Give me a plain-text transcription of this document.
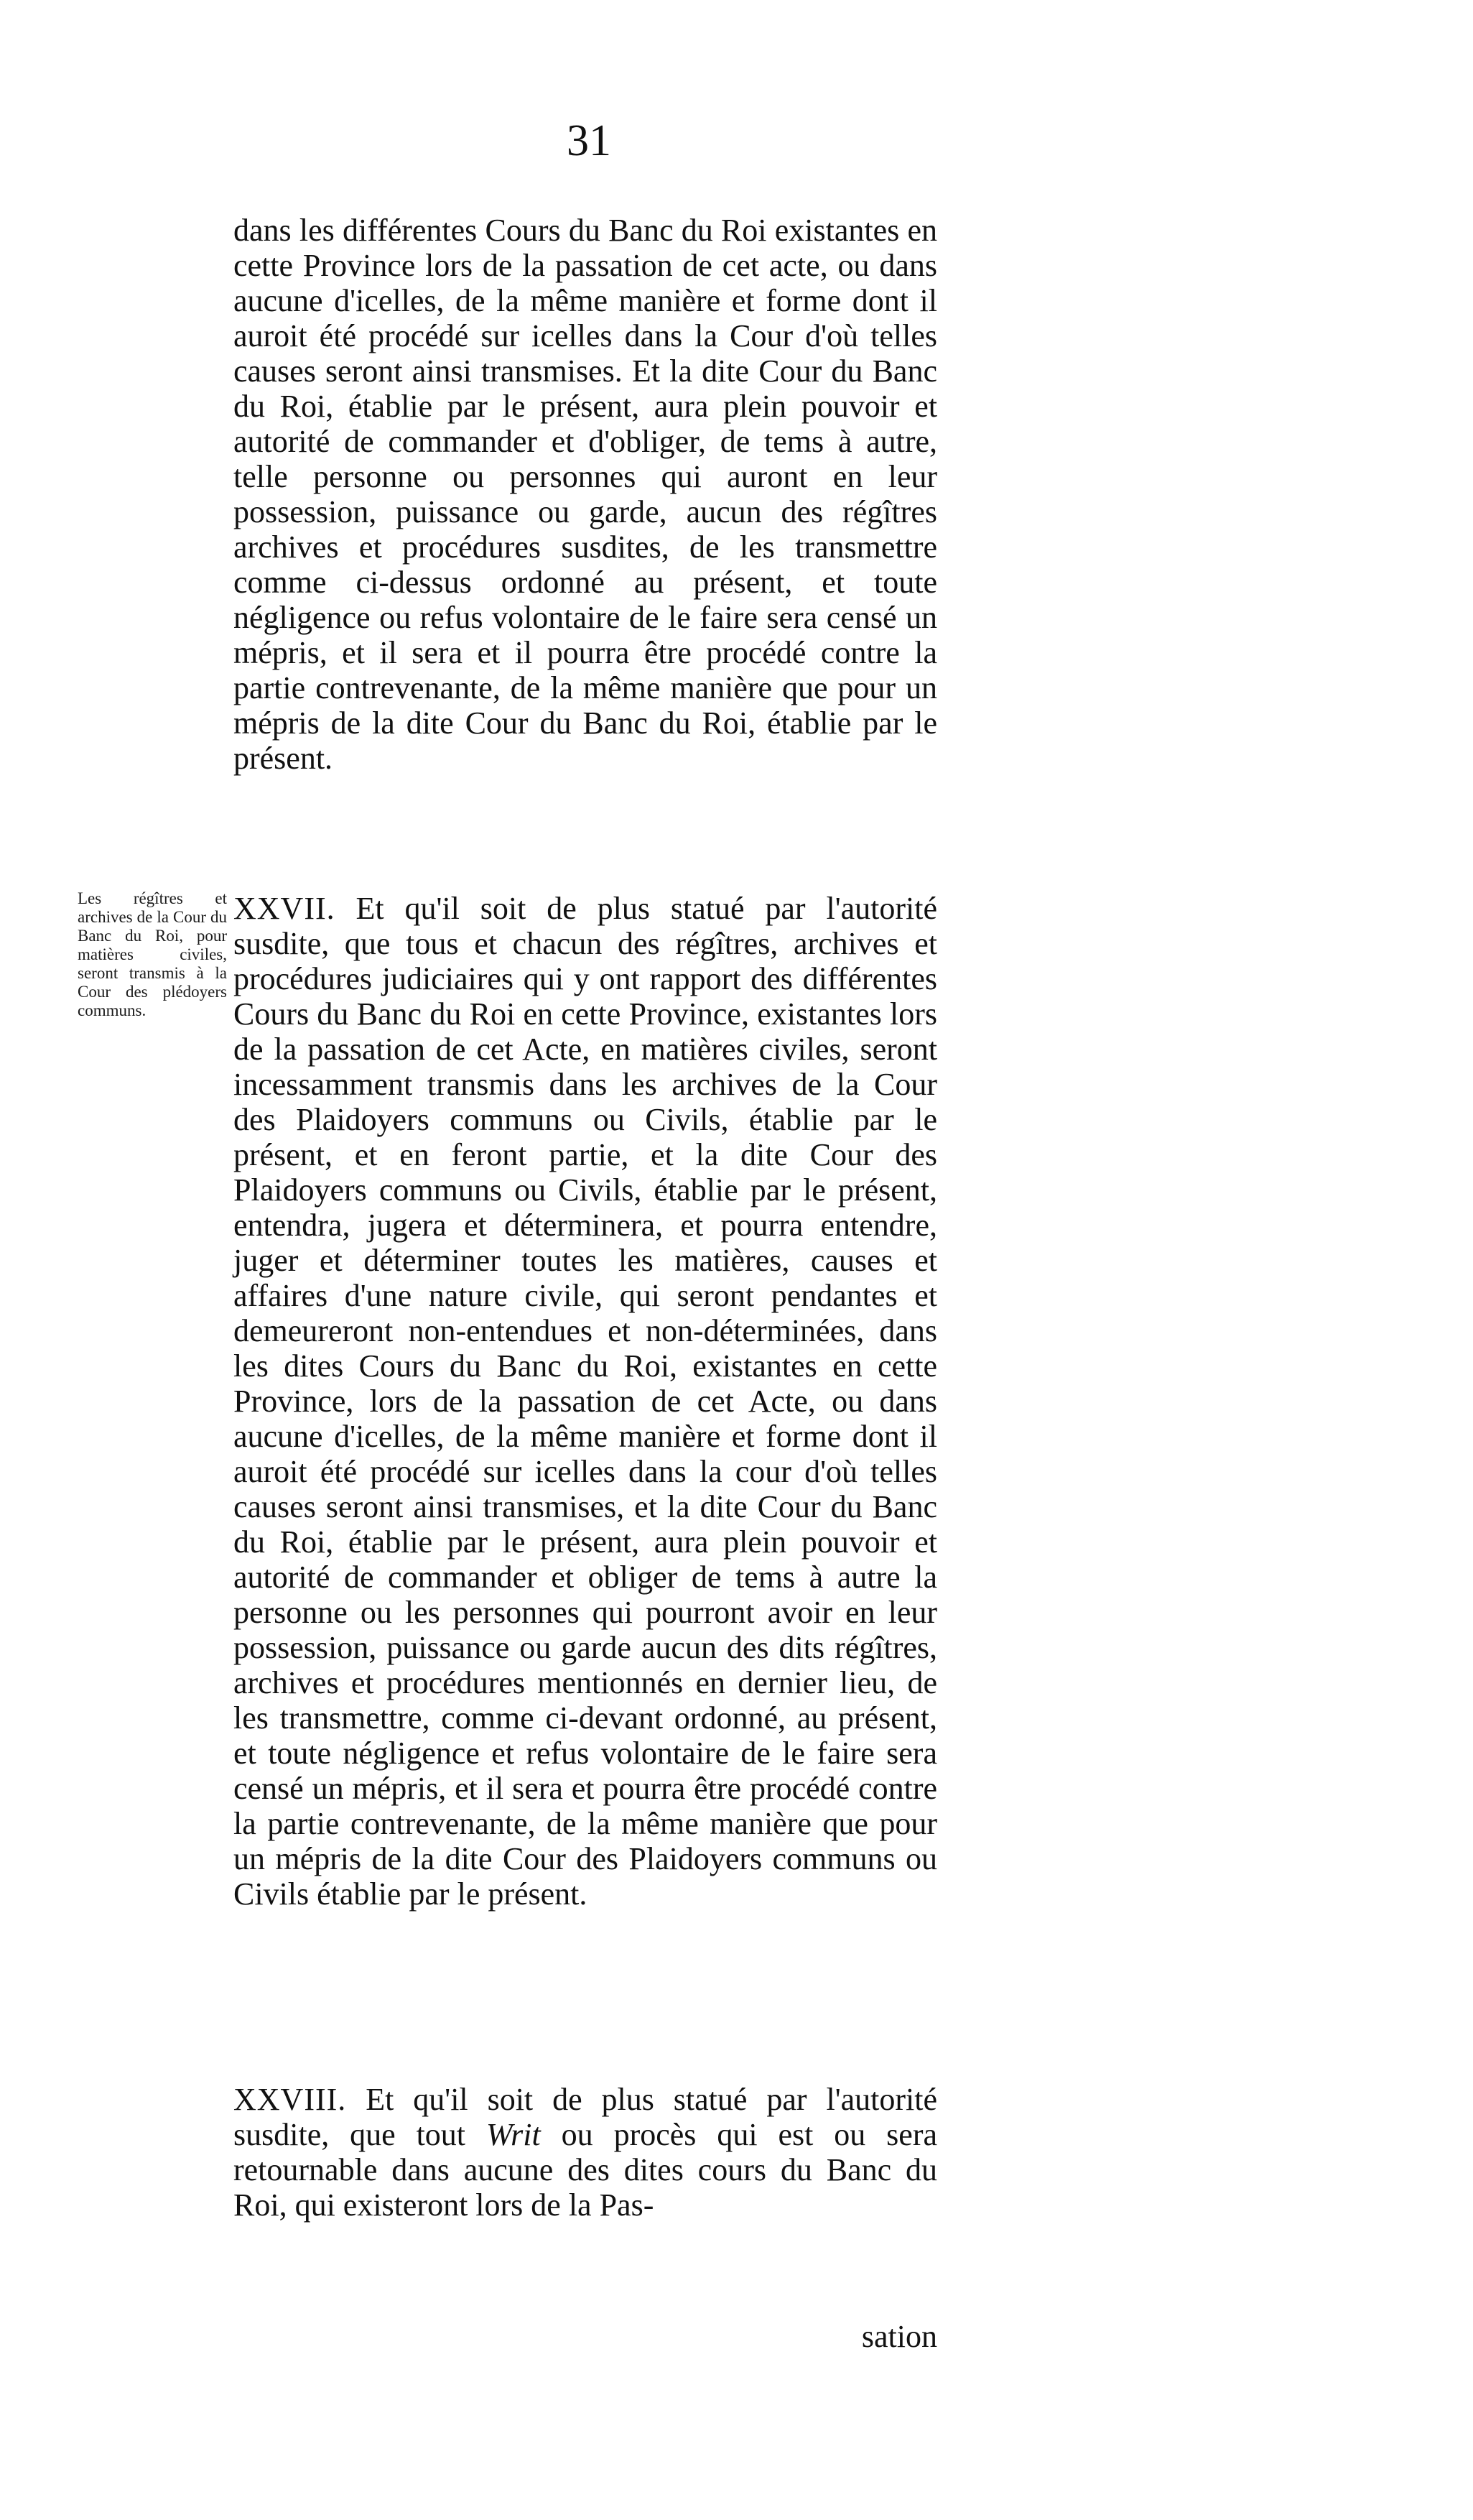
31

dans les différentes Cours du Banc du Roi existantes en cette Province lors de la passation de cet acte, ou dans aucune d'icelles, de la même manière et forme dont il auroit été procédé sur icelles dans la Cour d'où telles causes seront ainsi transmises. Et la dite Cour du Banc du Roi, établie par le présent, aura plein pouvoir et autorité de commander et d'obliger, de tems à autre, telle personne ou personnes qui auront en leur possession, puissance ou garde, aucun des régîtres archives et procédures susdites, de les transmettre comme ci-dessus ordonné au présent, et toute négligence ou refus volontaire de le faire sera censé un mépris, et il sera et il pourra être procédé contre la partie contrevenante, de la même manière que pour un mépris de la dite Cour du Banc du Roi, établie par le présent.

Les régîtres et archives de la Cour du Banc du Roi, pour matières civiles, seront transmis à la Cour des plédoyers communs.

XXVII. Et qu'il soit de plus statué par l'autorité susdite, que tous et chacun des régîtres, archives et procédures judiciaires qui y ont rapport des différentes Cours du Banc du Roi en cette Province, existantes lors de la passation de cet Acte, en matières civiles, seront incessamment transmis dans les archives de la Cour des Plaidoyers communs ou Civils, établie par le présent, et en feront partie, et la dite Cour des Plaidoyers communs ou Civils, établie par le présent, entendra, jugera et déterminera, et pourra entendre, juger et déterminer toutes les matières, causes et affaires d'une nature civile, qui seront pendantes et demeureront non-entendues et non-déterminées, dans les dites Cours du Banc du Roi, existantes en cette Province, lors de la passation de cet Acte, ou dans aucune d'icelles, de la même manière et forme dont il auroit été procédé sur icelles dans la cour d'où telles causes seront ainsi transmises, et la dite Cour du Banc du Roi, établie par le présent, aura plein pouvoir et autorité de commander et obliger de tems à autre la personne ou les personnes qui pourront avoir en leur possession, puissance ou garde aucun des dits régîtres, archives et procédures mentionnés en dernier lieu, de les transmettre, comme ci-devant ordonné, au présent, et toute négligence et refus volontaire de le faire sera censé un mépris, et il sera et pourra être procédé contre la partie contrevenante, de la même manière que pour un mépris de la dite Cour des Plaidoyers communs ou Civils établie par le présent.

XXVIII. Et qu'il soit de plus statué par l'autorité susdite, que tout Writ ou procès qui est ou sera retournable dans aucune des dites cours du Banc du Roi, qui existeront lors de la Pas-

sation
